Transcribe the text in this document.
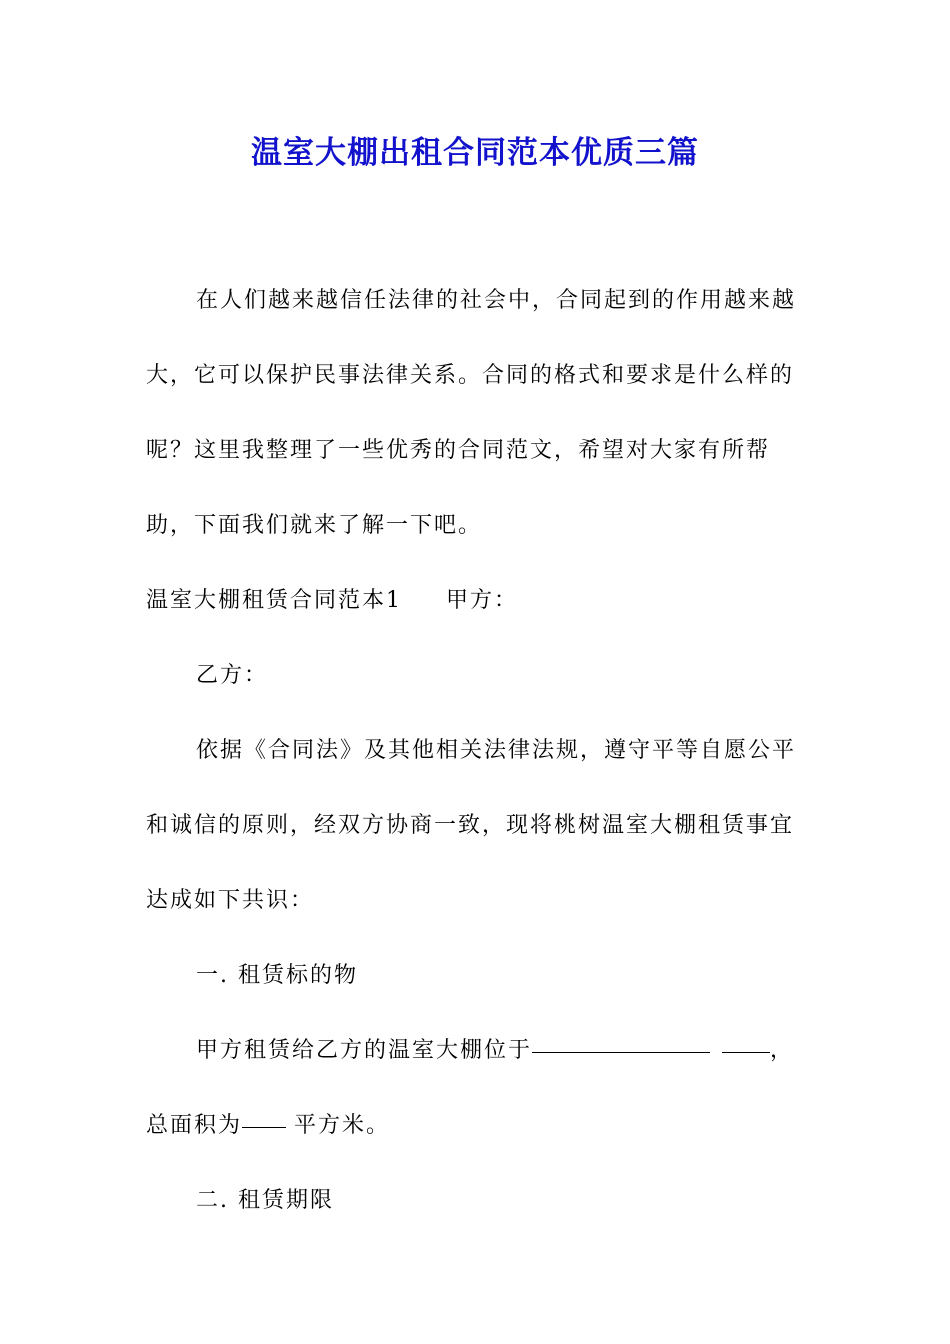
温室大棚出租合同范本优质三篇

在人们越来越信任法律的社会中，合同起到的作用越来越大，它可以保护民事法律关系。合同的格式和要求是什么样的呢？这里我整理了一些优秀的合同范文，希望对大家有所帮助，下面我们就来了解一下吧。

温室大棚租赁合同范本1 甲方：

乙方：

依据《合同法》及其他相关法律法规，遵守平等自愿公平和诚信的原则，经双方协商一致，现将桃树温室大棚租赁事宜达成如下共识：

一. 租赁标的物

甲方租赁给乙方的温室大棚位于	，总面积为 平方米。

二. 租赁期限
